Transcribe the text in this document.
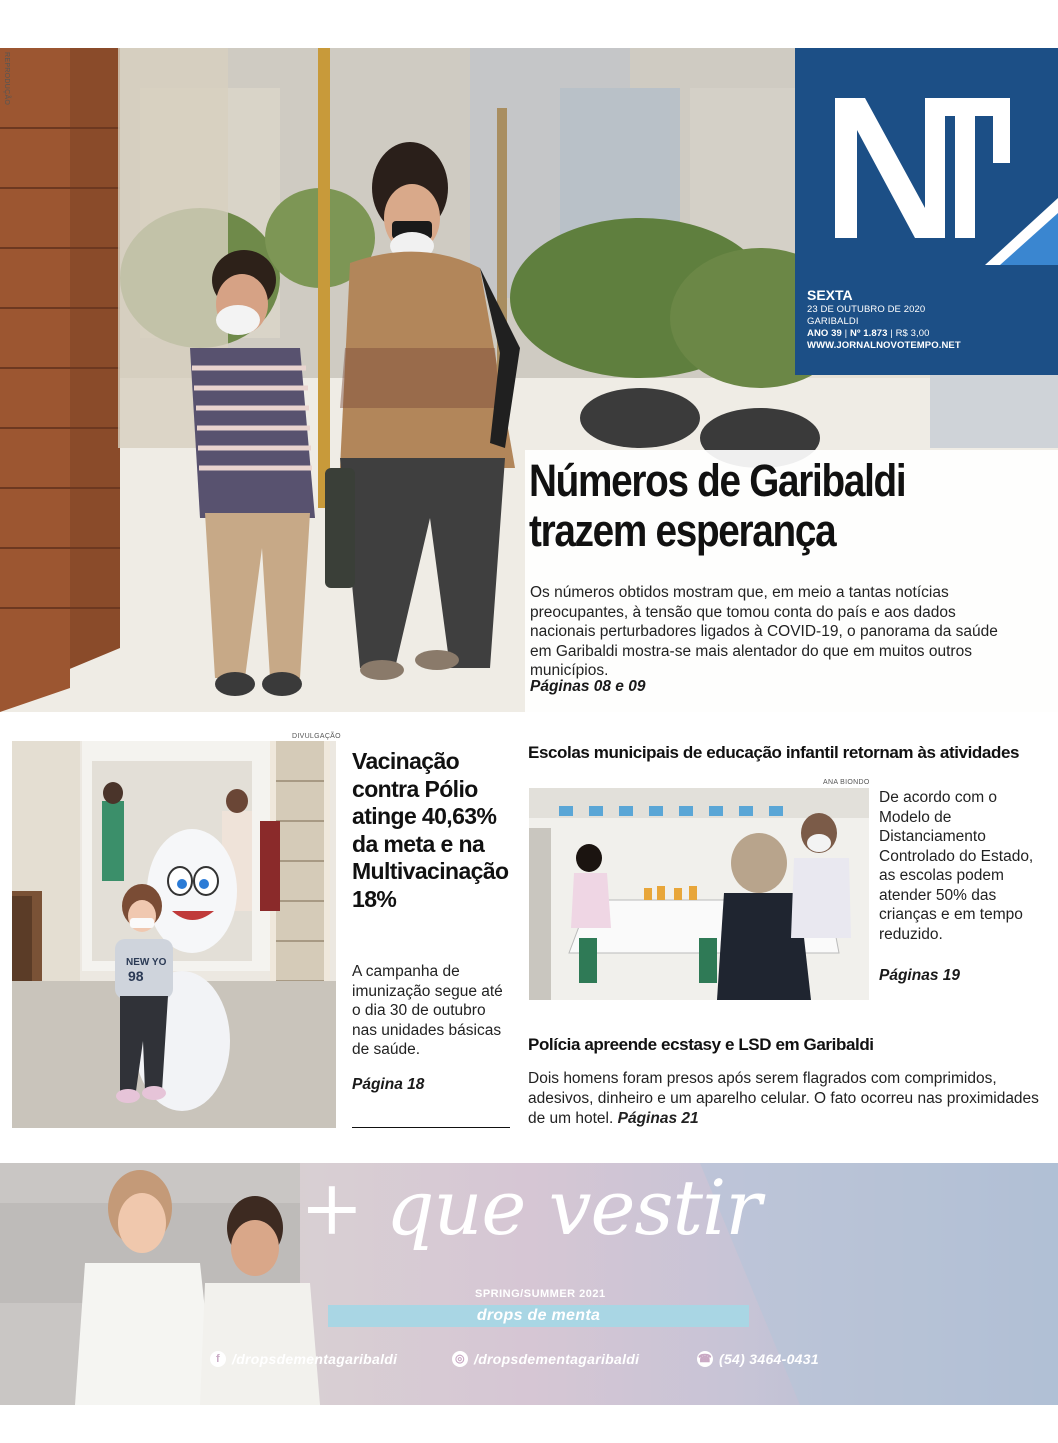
REPRODUÇÃO
SEXTA
23 DE OUTUBRO DE 2020
GARIBALDI
ANO 39 | Nº 1.873 | R$ 3,00
WWW.JORNALNOVOTEMPO.NET
Números de Garibaldi
trazem esperança
Os números obtidos mostram que, em meio a tantas notícias preocupantes, à tensão que tomou conta do país e aos dados nacionais perturbadores ligados à COVID-19, o panorama da saúde em Garibaldi mostra-se mais alentador do que em muitos outros municípios.
Páginas 08 e 09
DIVULGAÇÃO
NEW YO
98
Vacinação
contra Pólio
atinge 40,63%
da meta e na
Multivacinação
18%
A campanha de imunização segue até o dia 30 de outubro nas unidades básicas de saúde.
Página 18
Escolas municipais de educação infantil retornam às atividades
ANA BIONDO
De acordo com o Modelo de Distanciamento Controlado do Estado, as escolas podem atender 50% das crianças e em tempo reduzido.
Páginas 19
Polícia apreende ecstasy e LSD em Garibaldi
Dois homens foram presos após serem flagrados com comprimidos, adesivos, dinheiro e um aparelho celular. O fato ocorreu nas proximidades de um hotel. Páginas 21
+ que vestir
SPRING/SUMMER 2021
drops de menta
f /dropsdementagaribaldi	◎ /dropsdementagaribaldi	☎ (54) 3464-0431
